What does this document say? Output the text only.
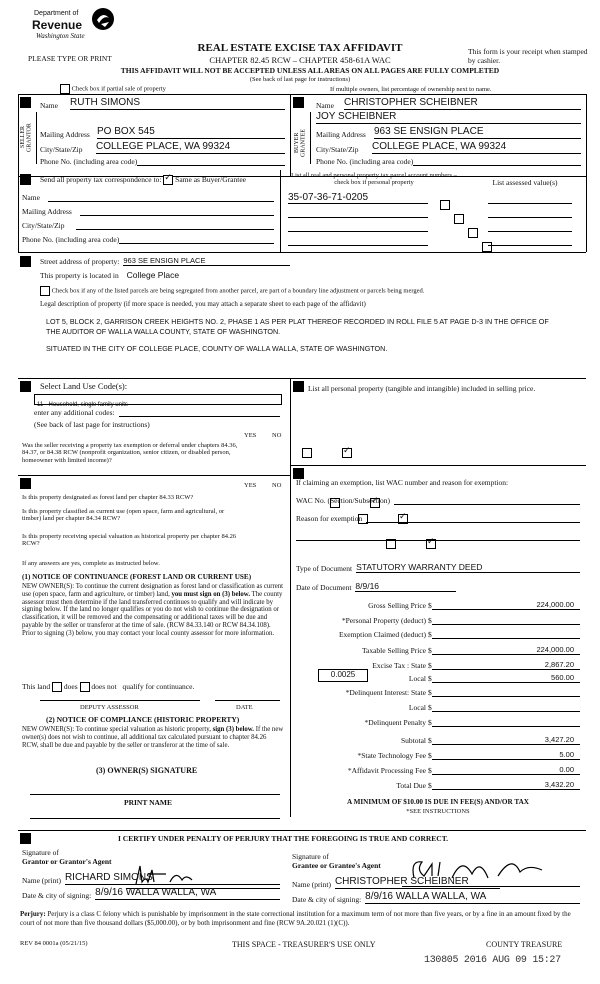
Department of
Revenue
Washington State
PLEASE TYPE OR PRINT
REAL ESTATE EXCISE TAX AFFIDAVIT
CHAPTER 82.45 RCW – CHAPTER 458-61A WAC
This form is your receipt when stamped by cashier.
THIS AFFIDAVIT WILL NOT BE ACCEPTED UNLESS ALL AREAS ON ALL PAGES ARE FULLY COMPLETED
(See back of last page for instructions)
Check box if partial sale of property	If multiple owners, list percentage of ownership next to name.
SELLER GRANTOR
Name	RUTH SIMONS
Mailing Address PO BOX 545
City/State/Zip	COLLEGE PLACE, WA 99324
Phone No. (including area code)
BUYER GRANTEE
Name	CHRISTOPHER SCHEIBNER
JOY SCHEIBNER
Mailing Address 963 SE ENSIGN PLACE
City/State/Zip	COLLEGE PLACE, WA 99324
Phone No. (including area code)
Send all property tax correspondence to: ✓ Same as Buyer/Grantee
Name
Mailing Address
City/State/Zip
Phone No. (including area code)
List all real and personal property tax parcel account numbers – check box if personal property	List assessed value(s)
35-07-36-71-0205

Street address of property: 963 SE ENSIGN PLACE
This property is located in College Place
Check box if any of the listed parcels are being segregated from another parcel, are part of a boundary line adjustment or parcels being merged.
Legal description of property (if more space is needed, you may attach a separate sheet to each page of the affidavit)
LOT 5, BLOCK 2, GARRISON CREEK HEIGHTS NO. 2, PHASE 1 AS PER PLAT THEREOF RECORDED IN ROLL FILE 5 AT PAGE D-3 IN THE OFFICE OF THE AUDITOR OF WALLA WALLA COUNTY, STATE OF WASHINGTON.
SITUATED IN THE CITY OF COLLEGE PLACE, COUNTY OF WALLA WALLA, STATE OF WASHINGTON.
Select Land Use Code(s):
11 - Household, single family units
enter any additional codes:
(See back of last page for instructions)
YES NO
Was the seller receiving a property tax exemption or deferral under chapters 84.36, 84.37, or 84.38 RCW (nonprofit organization, senior citizen, or disabled person, homeowner with limited income)?
✓
YES NO
Is this property designated as forest land per chapter 84.33 RCW?
✓
Is this property classified as current use (open space, farm and agricultural, or timber) land per chapter 84.34 RCW?
✓
Is this property receiving special valuation as historical property per chapter 84.26 RCW?
✓
If any answers are yes, complete as instructed below.
(1) NOTICE OF CONTINUANCE (FOREST LAND OR CURRENT USE)
NEW OWNER(S): To continue the current designation as forest land or classification as current use (open space, farm and agriculture, or timber) land, you must sign on (3) below. The county assessor must then determine if the land transferred continues to qualify and will indicate by signing below. If the land no longer qualifies or you do not wish to continue the designation or classification, it will be removed and the compensating or additional taxes will be due and payable by the seller or transferor at the time of sale. (RCW 84.33.140 or RCW 84.34.108). Prior to signing (3) below, you may contact your local county assessor for more information.
This land does does not qualify for continuance.
DEPUTY ASSESSOR	DATE
(2) NOTICE OF COMPLIANCE (HISTORIC PROPERTY)
NEW OWNER(S): To continue special valuation as historic property, sign (3) below. If the new owner(s) does not wish to continue, all additional tax calculated pursuant to chapter 84.26 RCW, shall be due and payable by the seller or transferor at the time of sale.
(3) OWNER(S) SIGNATURE
PRINT NAME
List all personal property (tangible and intangible) included in selling price.
If claiming an exemption, list WAC number and reason for exemption:
WAC No. (Section/Subsection)
Reason for exemption
Type of Document STATUTORY WARRANTY DEED
Date of Document 8/9/16
Gross Selling Price $	224,000.00
*Personal Property (deduct) $
Exemption Claimed (deduct) $
Taxable Selling Price $	224,000.00
Excise Tax : State $	2,867.20
Local $	560.00
*Delinquent Interest: State $
Local $
*Delinquent Penalty $
Subtotal $	3,427.20
*State Technology Fee $	5.00
*Affidavit Processing Fee $	0.00
Total Due $	3,432.20
0.0025
A MINIMUM OF $10.00 IS DUE IN FEE(S) AND/OR TAX
*SEE INSTRUCTIONS
I CERTIFY UNDER PENALTY OF PERJURY THAT THE FOREGOING IS TRUE AND CORRECT.
Signature of
Grantor or Grantor's Agent
Name (print) RICHARD SIMONS
Date & city of signing: 8/9/16 WALLA WALLA, WA
Signature of
Grantee or Grantee's Agent
Name (print) CHRISTOPHER SCHEIBNER
Date & city of signing: 8/9/16 WALLA WALLA, WA
Perjury: Perjury is a class C felony which is punishable by imprisonment in the state correctional institution for a maximum term of not more than five years, or by a fine in an amount fixed by the court of not more than five thousand dollars ($5,000.00), or by both imprisonment and fine (RCW 9A.20.021 (1)(C)).
REV 84 0001a (05/21/15)	THIS SPACE - TREASURER'S USE ONLY	COUNTY TREASURE
130805 2016 AUG 09 15:27
